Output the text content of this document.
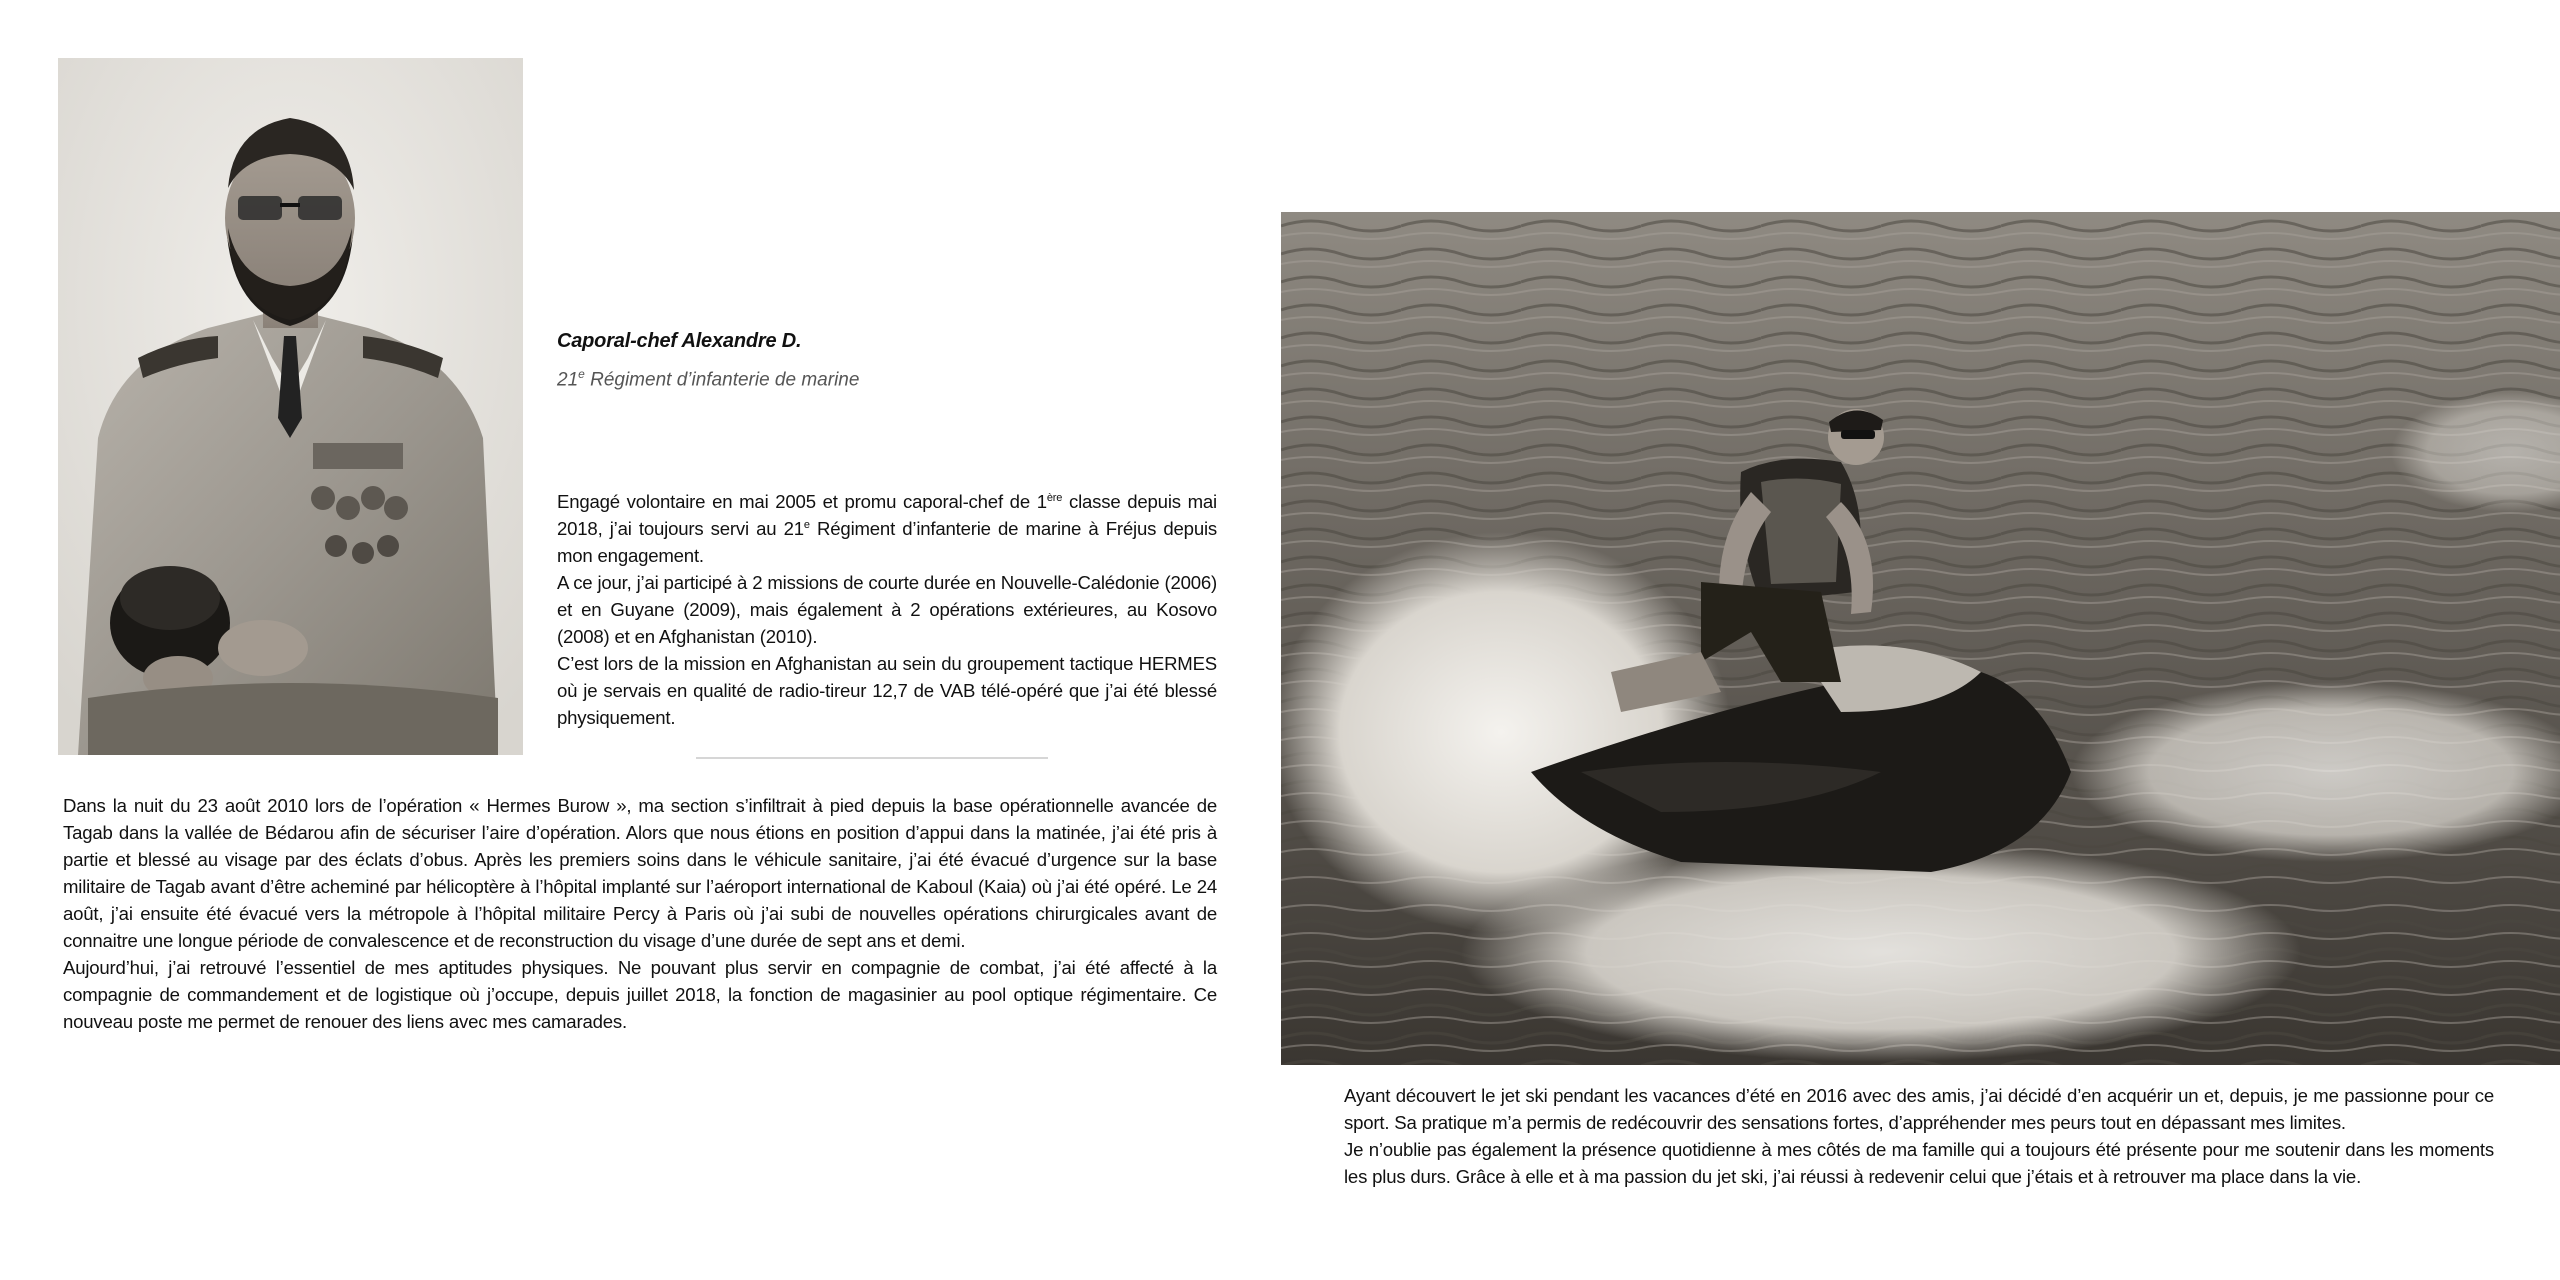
Caporal-chef Alexandre D.

21e Régiment d’infanterie de marine

Engagé volontaire en mai 2005 et promu caporal-chef de 1ère classe depuis mai 2018, j’ai toujours servi au 21e Régiment d’infanterie de marine à Fréjus depuis mon engagement.

A ce jour, j’ai participé à 2 missions de courte durée en Nouvelle-Calédonie (2006) et en Guyane (2009), mais également à 2 opérations extérieures, au Kosovo (2008) et en Afghanistan (2010).

C’est lors de la mission en Afghanistan au sein du groupement tactique HERMES où je servais en qualité de radio-tireur 12,7 de VAB télé-opéré que j’ai été blessé physiquement.

Dans la nuit du 23 août 2010 lors de l’opération « Hermes Burow », ma section s’infiltrait à pied depuis la base opérationnelle avancée de Tagab dans la vallée de Bédarou afin de sécuriser l’aire d’opération. Alors que nous étions en position d’appui dans la matinée, j’ai été pris à partie et blessé au visage par des éclats d’obus. Après les premiers soins dans le véhicule sanitaire, j’ai été évacué d’urgence sur la base militaire de Tagab avant d’être acheminé par hélicoptère à l’hôpital implanté sur l’aéroport international de Kaboul (Kaia) où j’ai été opéré. Le 24 août, j’ai ensuite été évacué vers la métropole à l’hôpital militaire Percy à Paris où j’ai subi de nouvelles opérations chirurgicales avant de connaitre une longue période de convalescence et de reconstruction du visage d’une durée de sept ans et demi.

Aujourd’hui, j’ai retrouvé l’essentiel de mes aptitudes physiques. Ne pouvant plus servir en compagnie de combat, j’ai été affecté à la compagnie de commandement et de logistique où j’occupe, depuis juillet 2018, la fonction de magasinier au pool optique régimentaire. Ce nouveau poste me permet de renouer des liens avec mes camarades.

Ayant découvert le jet ski pendant les vacances d’été en 2016 avec des amis, j’ai décidé d’en acquérir un et, depuis, je me passionne pour ce sport. Sa pratique m’a permis de redécouvrir des sensations fortes, d’appréhender mes peurs tout en dépassant mes limites.

Je n’oublie pas également la présence quotidienne à mes côtés de ma famille qui a toujours été présente pour me soutenir dans les moments les plus durs. Grâce à elle et à ma passion du jet ski, j’ai réussi à redevenir celui que j’étais et à retrouver ma place dans la vie.
